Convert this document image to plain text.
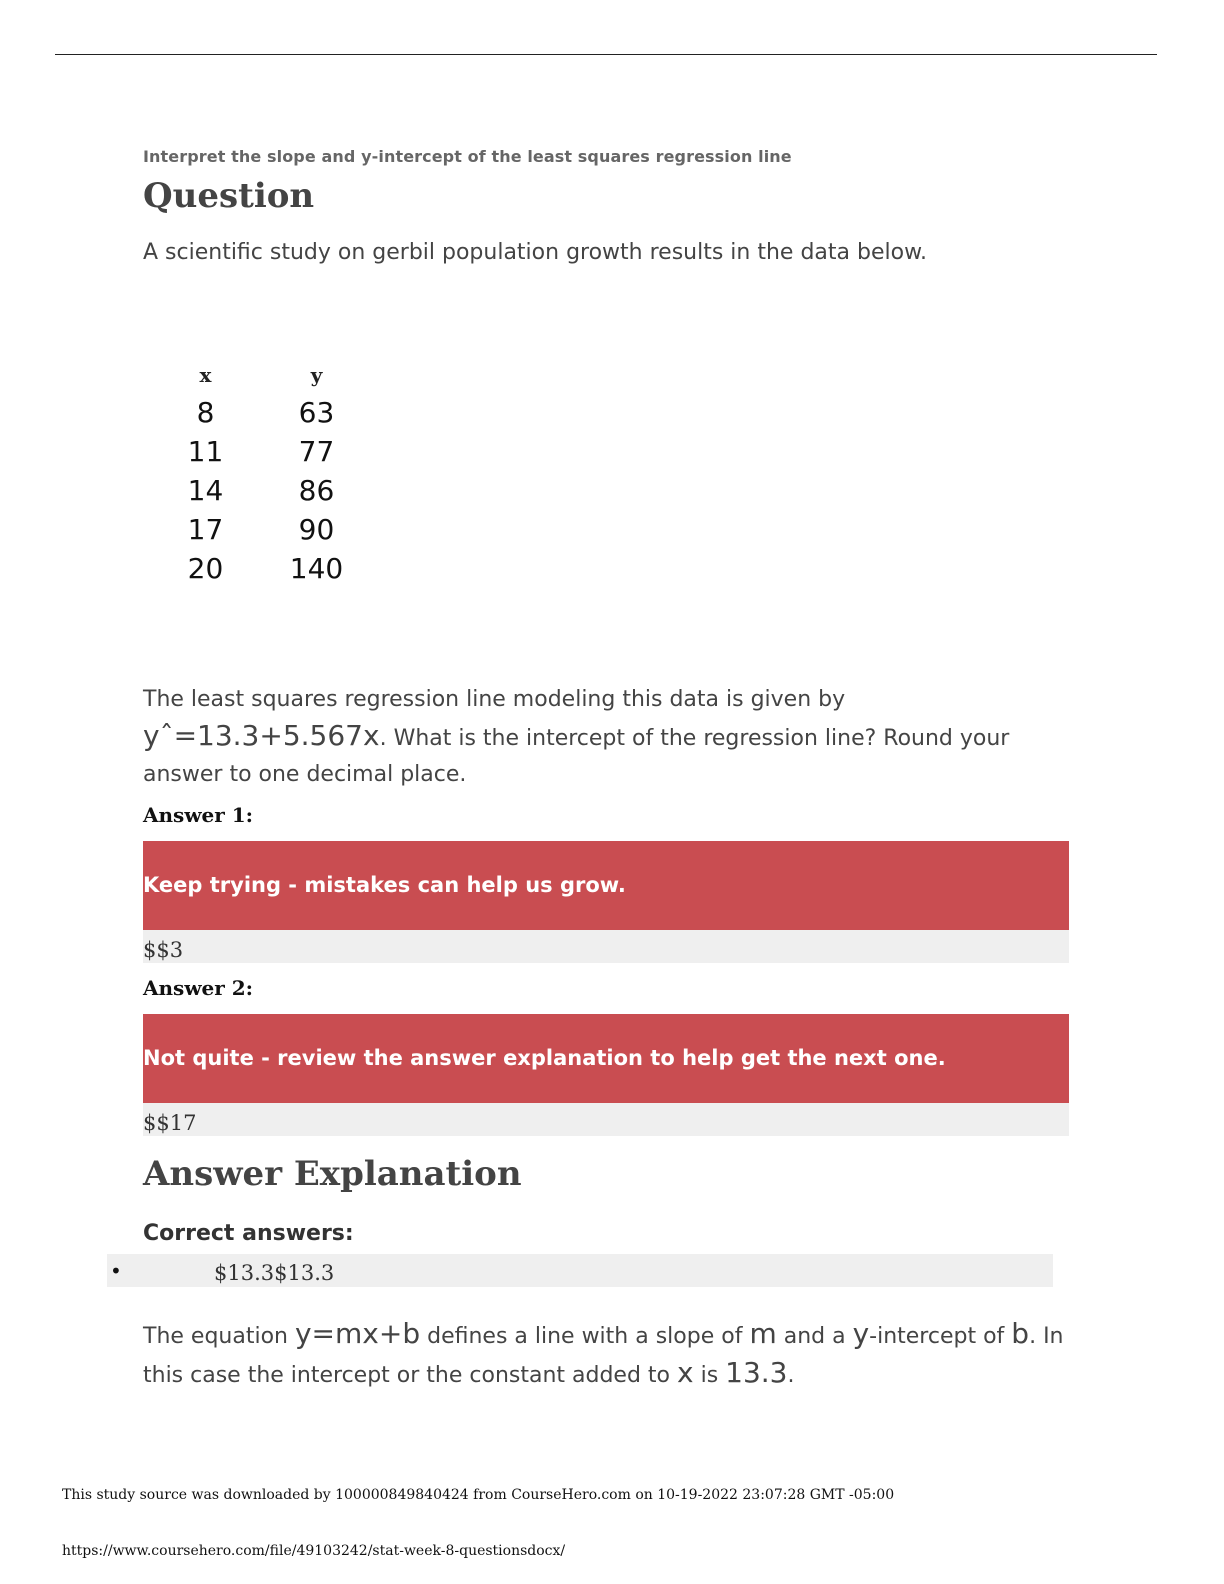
Interpret the slope and y-intercept of the least squares regression line
Question
A scientific study on gerbil population growth results in the data below.
x	y
8	63
11	77
14	86
17	90
20	140
The least squares regression line modeling this data is given by yˆ=13.3+5.567x. What is the intercept of the regression line? Round your answer to one decimal place.
Answer 1:
Keep trying - mistakes can help us grow.
$$3
Answer 2:
Not quite - review the answer explanation to help get the next one.
$$17
Answer Explanation
Correct answers:
•	$13.3$13.3
The equation y=mx+b defines a line with a slope of m and a y-intercept of b. In this case the intercept or the constant added to x is 13.3.
This study source was downloaded by 100000849840424 from CourseHero.com on 10-19-2022 23:07:28 GMT -05:00
https://www.coursehero.com/file/49103242/stat-week-8-questionsdocx/
